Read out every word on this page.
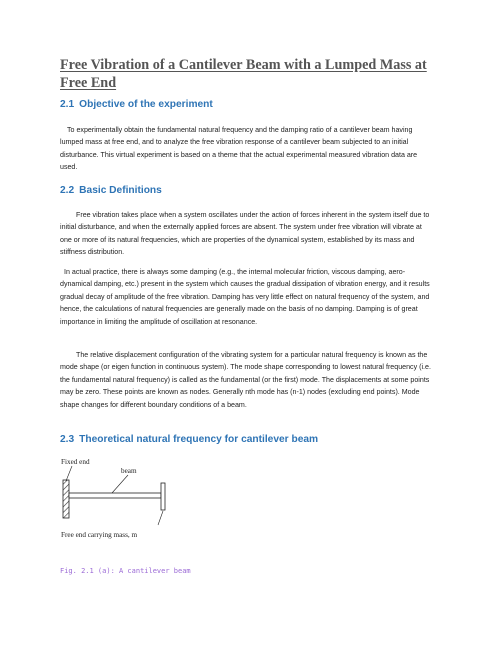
Free Vibration of a Cantilever Beam with a Lumped Mass at Free End
2.1 Objective of the experiment
To experimentally obtain the fundamental natural frequency and the damping ratio of a cantilever beam having lumped mass at free end, and to analyze the free vibration response of a cantilever beam subjected to an initial disturbance. This virtual experiment is based on a theme that the actual experimental measured vibration data are used.
2.2 Basic Definitions
Free vibration takes place when a system oscillates under the action of forces inherent in the system itself due to initial disturbance, and when the externally applied forces are absent. The system under free vibration will vibrate at one or more of its natural frequencies, which are properties of the dynamical system, established by its mass and stiffness distribution.
In actual practice, there is always some damping (e.g., the internal molecular friction, viscous damping, aero-dynamical damping, etc.) present in the system which causes the gradual dissipation of vibration energy, and it results gradual decay of amplitude of the free vibration. Damping has very little effect on natural frequency of the system, and hence, the calculations of natural frequencies are generally made on the basis of no damping. Damping is of great importance in limiting the amplitude of oscillation at resonance.
The relative displacement configuration of the vibrating system for a particular natural frequency is known as the mode shape (or eigen function in continuous system). The mode shape corresponding to lowest natural frequency (i.e. the fundamental natural frequency) is called as the fundamental (or the first) mode. The displacements at some points may be zero. These points are known as nodes. Generally nth mode has (n-1) nodes (excluding end points). Mode shape changes for different boundary conditions of a beam.
2.3 Theoretical natural frequency for cantilever beam
Fixed end
beam
Free end carrying mass, m
Fig. 2.1 (a): A cantilever beam
